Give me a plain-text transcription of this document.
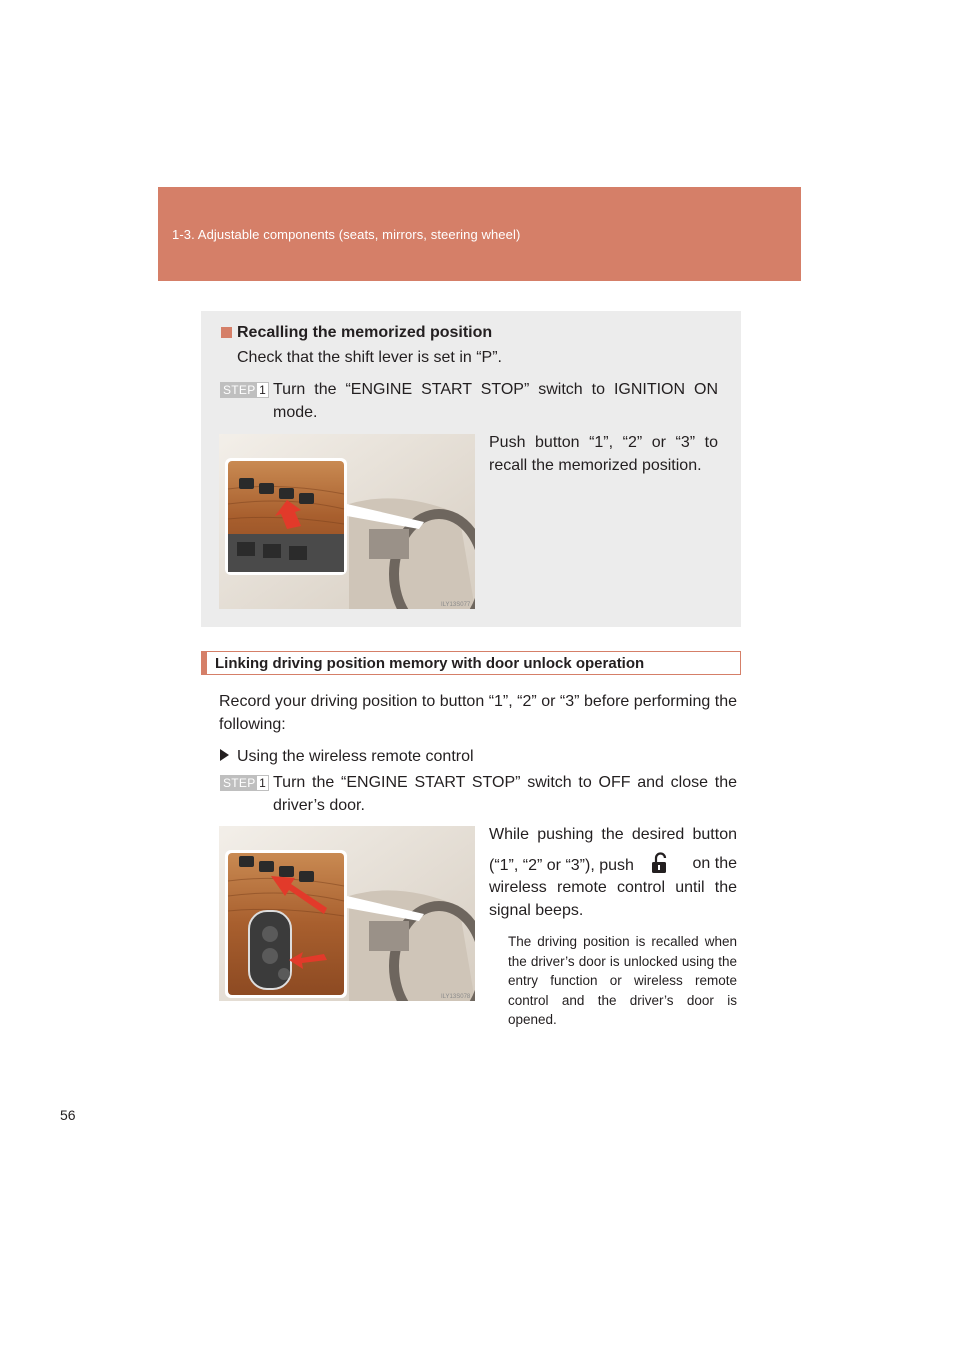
1-3. Adjustable components (seats, mirrors, steering wheel)
Recalling the memorized position
Check that the shift lever is set in “P”.
STEP 1 Turn the “ENGINE START STOP” switch to IGNITION ON mode.
Push button “1”, “2” or “3” to recall the memorized position.
ILY13S077
Linking driving position memory with door unlock operation
Record your driving position to button “1”, “2” or “3” before performing the following:
Using the wireless remote control
STEP 1 Turn the “ENGINE START STOP” switch to OFF and close the driver’s door.
While pushing the desired button
(“1”, “2” or “3”), push	on the
wireless remote control until the signal beeps.
The driving position is recalled when the driver’s door is unlocked using the entry function or wireless remote control and the driver’s door is opened.
ILY13S078
56
